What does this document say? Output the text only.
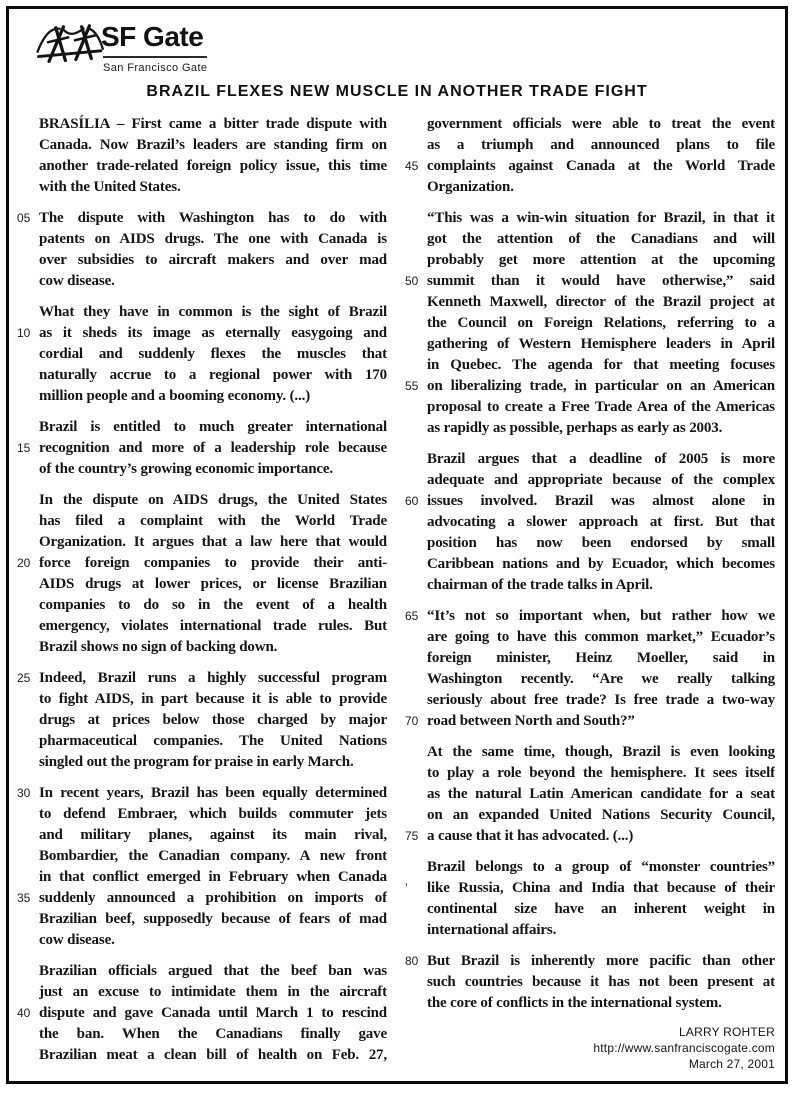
SF Gate
San Francisco Gate
BRAZIL FLEXES NEW MUSCLE IN ANOTHER TRADE FIGHT
BRASÍLIA – First came a bitter trade dispute with
Canada. Now Brazil’s leaders are standing firm on
another trade-related foreign policy issue, this time
with the United States.
05 The dispute with Washington has to do with
patents on AIDS drugs. The one with Canada is
over subsidies to aircraft makers and over mad
cow disease.
What they have in common is the sight of Brazil
10 as it sheds its image as eternally easygoing and
cordial and suddenly flexes the muscles that
naturally accrue to a regional power with 170
million people and a booming economy. (...)
Brazil is entitled to much greater international
15 recognition and more of a leadership role because
of the country’s growing economic importance.
In the dispute on AIDS drugs, the United States
has filed a complaint with the World Trade
Organization. It argues that a law here that would
20 force foreign companies to provide their anti-
AIDS drugs at lower prices, or license Brazilian
companies to do so in the event of a health
emergency, violates international trade rules. But
Brazil shows no sign of backing down.
25 Indeed, Brazil runs a highly successful program
to fight AIDS, in part because it is able to provide
drugs at prices below those charged by major
pharmaceutical companies. The United Nations
singled out the program for praise in early March.
30 In recent years, Brazil has been equally determined
to defend Embraer, which builds commuter jets
and military planes, against its main rival,
Bombardier, the Canadian company. A new front
in that conflict emerged in February when Canada
35 suddenly announced a prohibition on imports of
Brazilian beef, supposedly because of fears of mad
cow disease.
Brazilian officials argued that the beef ban was
just an excuse to intimidate them in the aircraft
40 dispute and gave Canada until March 1 to rescind
the ban. When the Canadians finally gave
Brazilian meat a clean bill of health on Feb. 27,
government officials were able to treat the event
as a triumph and announced plans to file
45 complaints against Canada at the World Trade
Organization.
“This was a win-win situation for Brazil, in that it
got the attention of the Canadians and will
probably get more attention at the upcoming
50 summit than it would have otherwise,” said
Kenneth Maxwell, director of the Brazil project at
the Council on Foreign Relations, referring to a
gathering of Western Hemisphere leaders in April
in Quebec. The agenda for that meeting focuses
55 on liberalizing trade, in particular on an American
proposal to create a Free Trade Area of the Americas
as rapidly as possible, perhaps as early as 2003.
Brazil argues that a deadline of 2005 is more
adequate and appropriate because of the complex
60 issues involved. Brazil was almost alone in
advocating a slower approach at first. But that
position has now been endorsed by small
Caribbean nations and by Ecuador, which becomes
chairman of the trade talks in April.
65 “It’s not so important when, but rather how we
are going to have this common market,” Ecuador’s
foreign minister, Heinz Moeller, said in
Washington recently. “Are we really talking
seriously about free trade? Is free trade a two-way
70 road between North and South?”
At the same time, though, Brazil is even looking
to play a role beyond the hemisphere. It sees itself
as the natural Latin American candidate for a seat
on an expanded United Nations Security Council,
75 a cause that it has advocated. (...)
Brazil belongs to a group of “monster countries”
’	like Russia, China and India that because of their
continental size have an inherent weight in
international affairs.
80 But Brazil is inherently more pacific than other
such countries because it has not been present at
the core of conflicts in the international system.
LARRY ROHTER
http://www.sanfranciscogate.com
March 27, 2001
